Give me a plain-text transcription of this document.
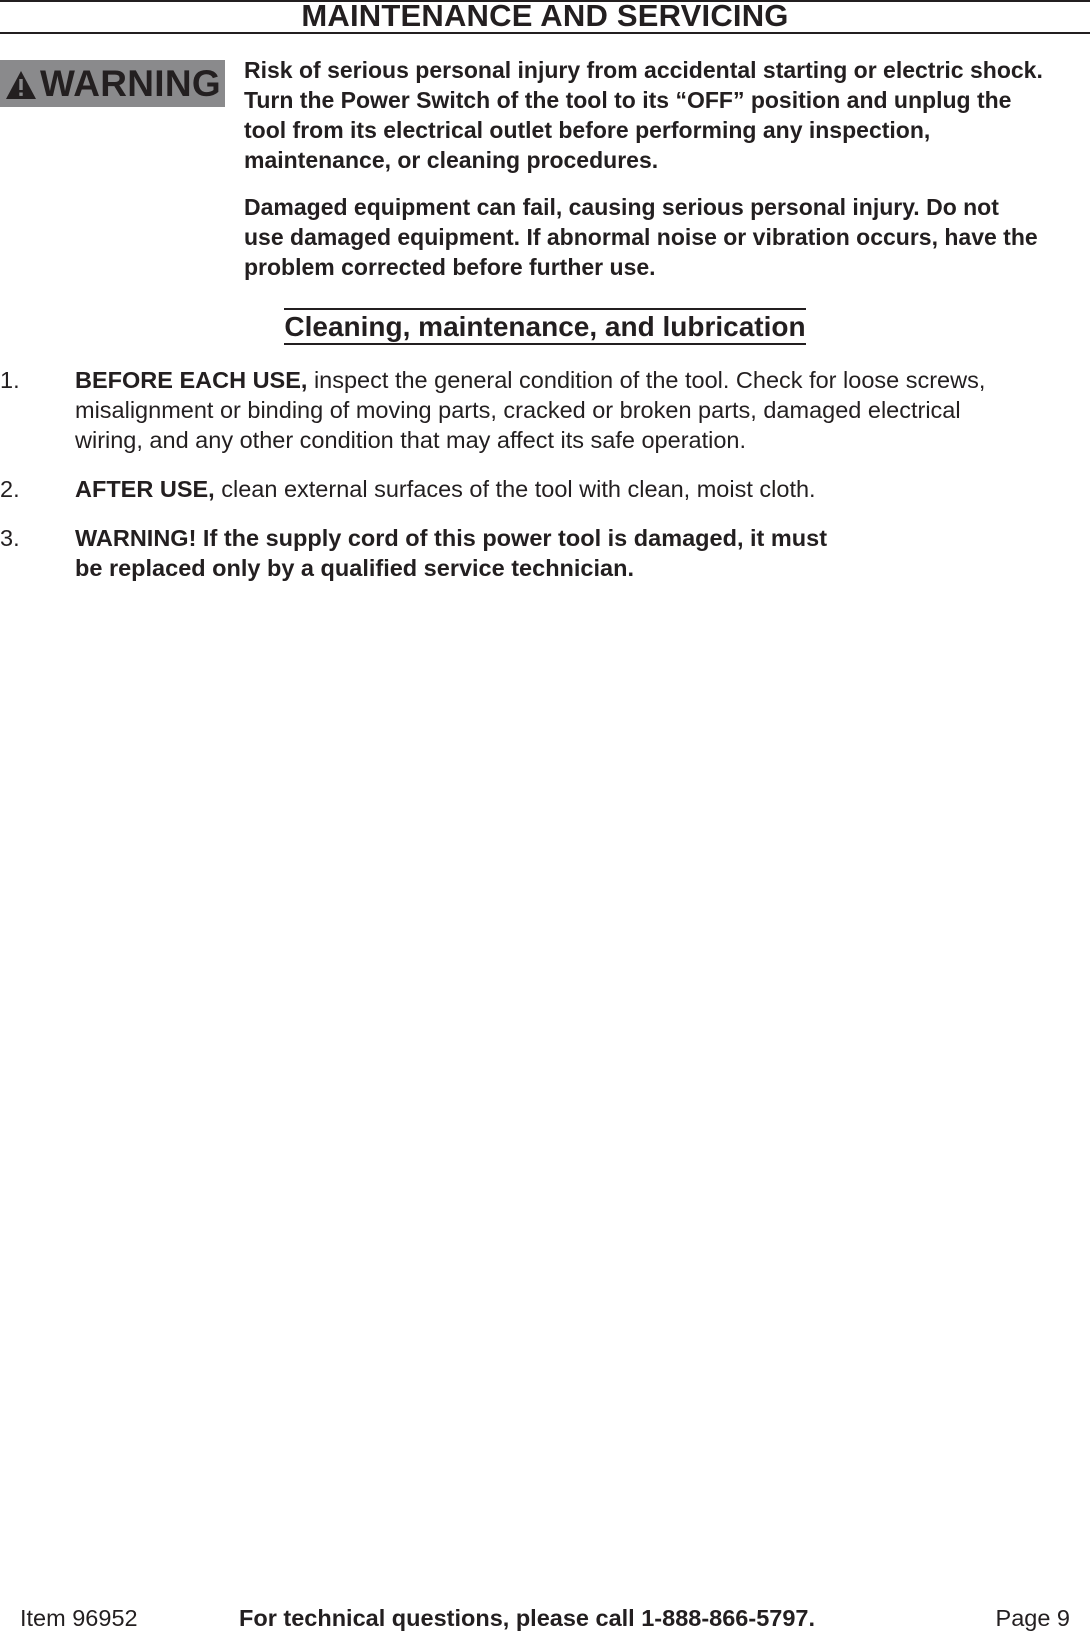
MAINTENANCE AND SERVICING
WARNING Risk of serious personal injury from accidental starting or electric shock. Turn the Power Switch of the tool to its “OFF” position and unplug the tool from its electrical outlet before performing any inspection, maintenance, or cleaning procedures.

Damaged equipment can fail, causing serious personal injury. Do not use damaged equipment. If abnormal noise or vibration occurs, have the problem corrected before further use.

Cleaning, maintenance, and lubrication
1. BEFORE EACH USE, inspect the general condition of the tool. Check for loose screws, misalignment or binding of moving parts, cracked or broken parts, damaged electrical wiring, and any other condition that may affect its safe operation.
2. AFTER USE, clean external surfaces of the tool with clean, moist cloth.
3. WARNING! If the supply cord of this power tool is damaged, it must be replaced only by a qualified service technician.
Item 96952	For technical questions, please call 1-888-866-5797.	Page 9
